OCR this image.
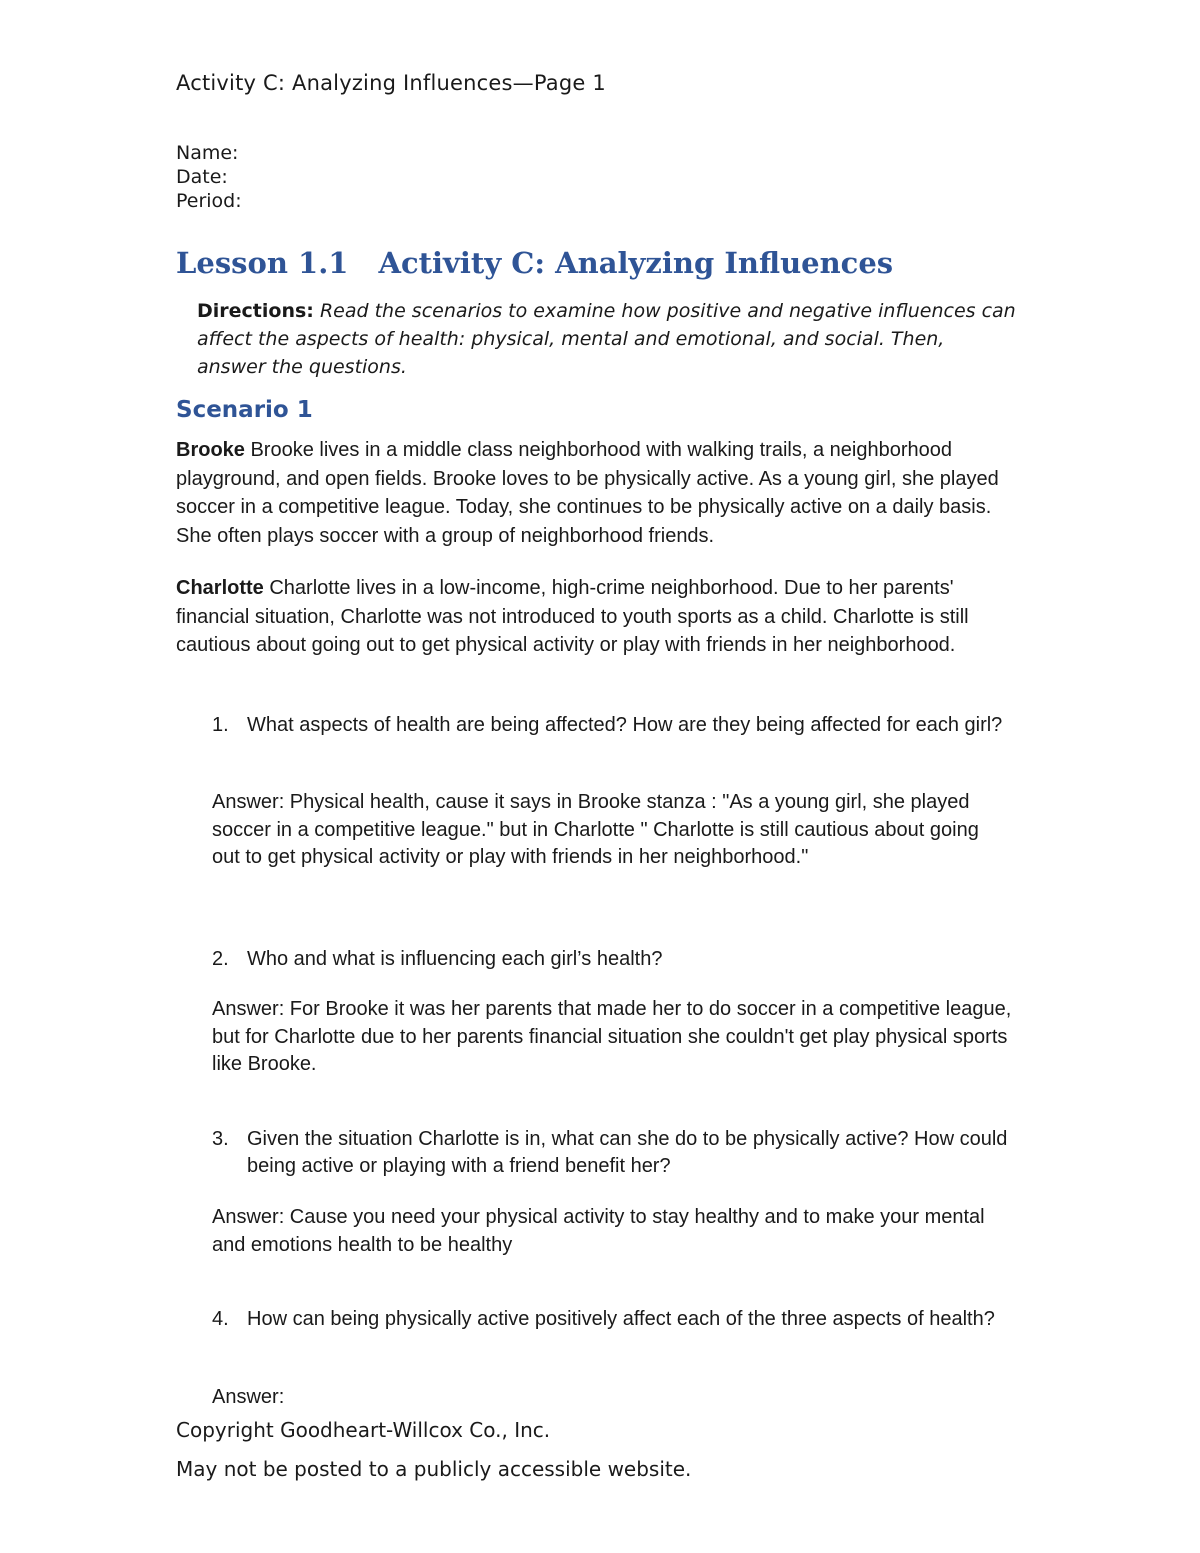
Activity C: Analyzing Influences—Page 1
Name:
Date:
Period:
Lesson 1.1 Activity C: Analyzing Influences

Directions: Read the scenarios to examine how positive and negative influences can affect the aspects of health: physical, mental and emotional, and social. Then, answer the questions.

Scenario 1

Brooke Brooke lives in a middle class neighborhood with walking trails, a neighborhood playground, and open fields. Brooke loves to be physically active. As a young girl, she played soccer in a competitive league. Today, she continues to be physically active on a daily basis. She often plays soccer with a group of neighborhood friends.

Charlotte Charlotte lives in a low-income, high-crime neighborhood. Due to her parents' financial situation, Charlotte was not introduced to youth sports as a child. Charlotte is still cautious about going out to get physical activity or play with friends in her neighborhood.

1. What aspects of health are being affected? How are they being affected for each girl?
Answer: Physical health, cause it says in Brooke stanza : "As a young girl, she played soccer in a competitive league." but in Charlotte " Charlotte is still cautious about going out to get physical activity or play with friends in her neighborhood."
2. Who and what is influencing each girl’s health?
Answer: For Brooke it was her parents that made her to do soccer in a competitive league, but for Charlotte due to her parents financial situation she couldn't get play physical sports like Brooke.
3. Given the situation Charlotte is in, what can she do to be physically active? How could being active or playing with a friend benefit her?
Answer: Cause you need your physical activity to stay healthy and to make your mental and emotions health to be healthy
4. How can being physically active positively affect each of the three aspects of health?
Answer:
Copyright Goodheart-Willcox Co., Inc.
May not be posted to a publicly accessible website.
